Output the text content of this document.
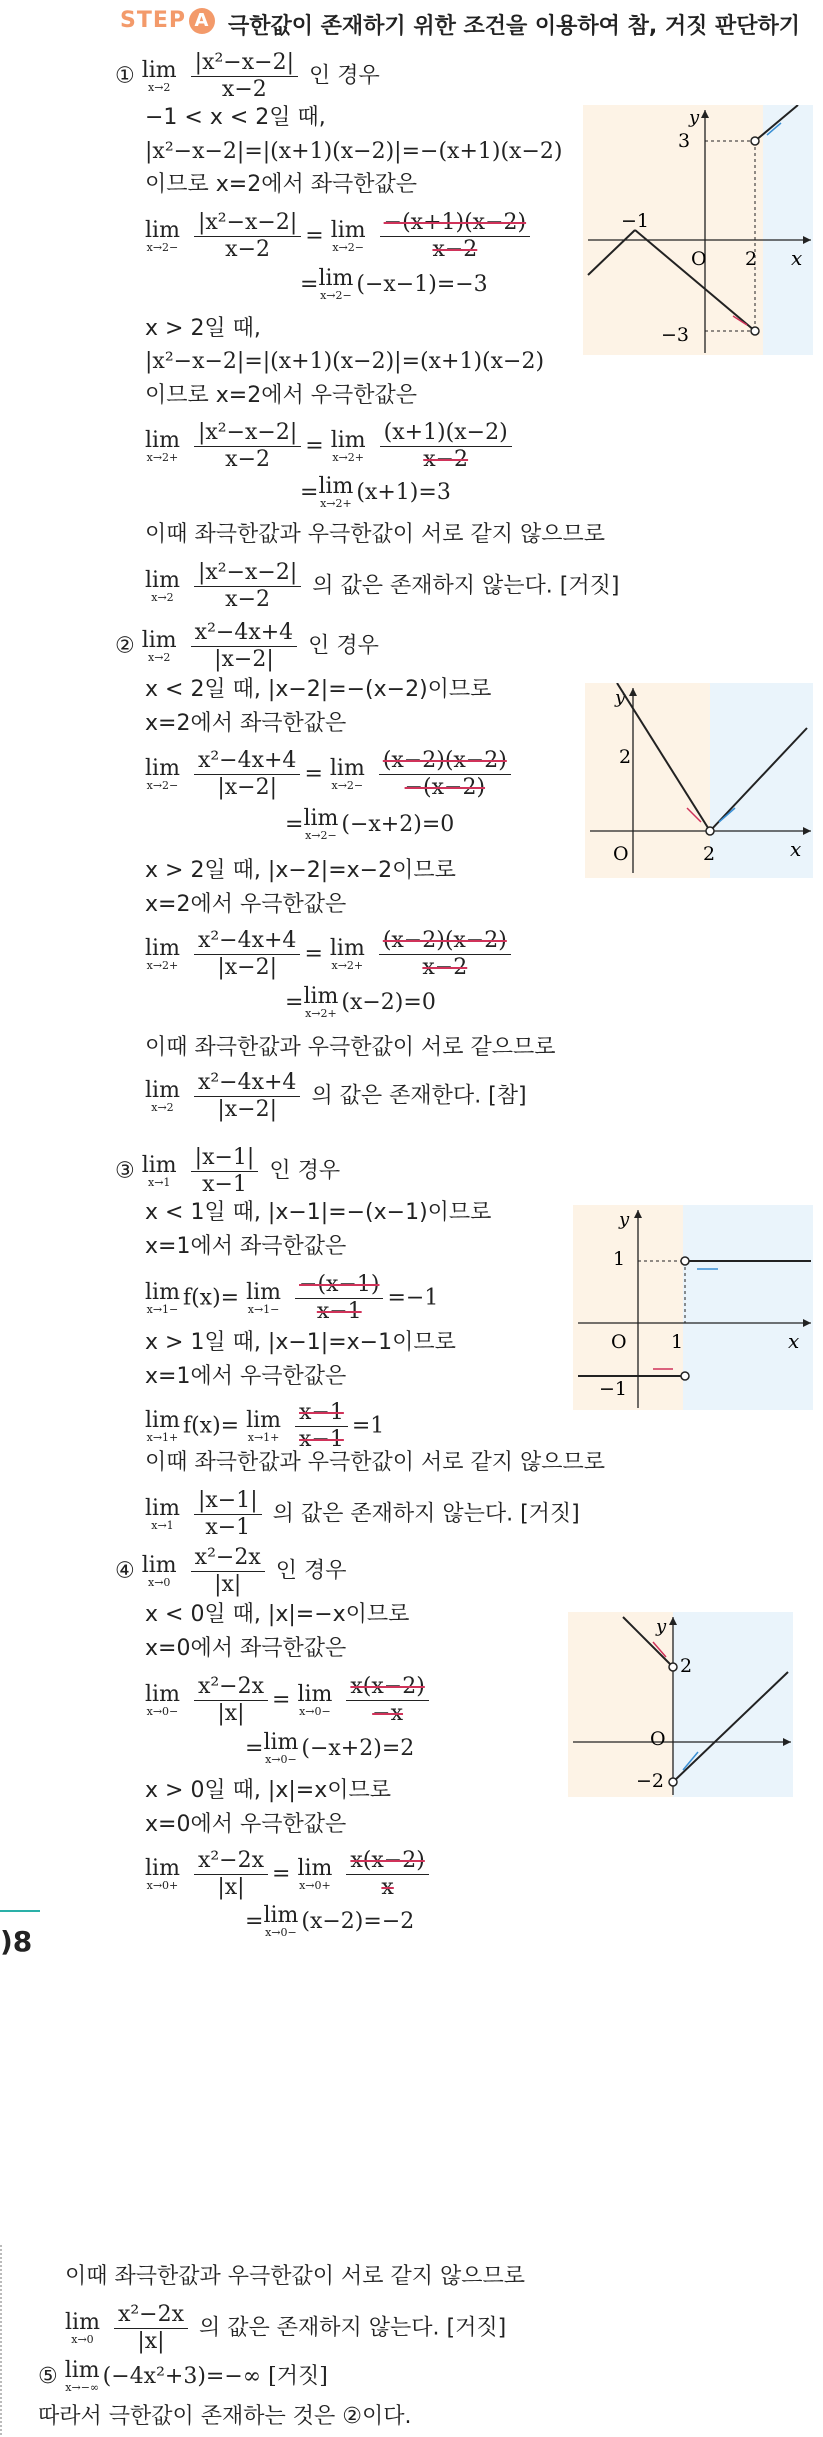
STEP A 극한값이 존재하기 위한 조건을 이용하여 참, 거짓 판단하기
① lim
x→2
$\frac{\text{|x²−x−2|}}{x-2}$ 인 경우
−1 < x < 2일 때,
|x²−x−2|=|(x+1)(x−2)|=−(x+1)(x−2)
이므로 x=2에서 좌극한값은
lim
x→2−
$\frac{\text{|x²−x−2|}}{x-2} = \lim$
x→2−
$\frac{-(x+1)(x-2)}{x-2}$
= lim
x→2− (−x−1)=−3
x > 2일 때,
|x²−x−2|=|(x+1)(x−2)|=(x+1)(x−2)
이므로 x=2에서 우극한값은
lim
x→2+
$\frac{\text{|x²−x−2|}}{x-2} = \lim$
x→2+
$\frac{(x+1)(x-2)}{x-2}$
= lim
x→2+ (x+1)=3
이때 좌극한값과 우극한값이 서로 같지 않으므로
lim
x→2
$\frac{\text{|x²−x−2|}}{x-2}$ 의 값은 존재하지 않는다. [거짓]
y
x
3
−3
−1
O 2
② lim
x→2
$\frac{\text{x²−4x+4}}{|x-2|}$ 인 경우
x < 2일 때, |x−2|=−(x−2)이므로
x=2에서 좌극한값은
lim
x→2−
$\frac{\text{x²−4x+4}}{|x-2|} = \lim$
x→2−
$\frac{(x-2)(x-2)}{-(x-2)}$
= lim
x→2− (−x+2)=0
x > 2일 때, |x−2|=x−2이므로
x=2에서 우극한값은
lim
x→2+
$\frac{\text{x²−4x+4}}{|x-2|} = \lim$
x→2+
$\frac{(x-2)(x-2)}{x-2}$
= lim
x→2+ (x−2)=0
이때 좌극한값과 우극한값이 서로 같으므로
lim
x→2
$\frac{\text{x²−4x+4}}{|x-2|}$ 의 값은 존재한다. [참]
y
x
2
O	2
③ lim
x→1
$\frac{|x-1|}{x-1}$ 인 경우
x < 1일 때, |x−1|=−(x−1)이므로
x=1에서 좌극한값은
lim
x→1− f(x)= lim
x→1−
$\frac{-(x-1)}{x-1} =-1$
x > 1일 때, |x−1|=x−1이므로
x=1에서 우극한값은
lim
x→1+ f(x)= lim
x→1+
$\frac{x-1}{x-1} =1$
이때 좌극한값과 우극한값이 서로 같지 않으므로
lim
x→1
$\frac{|x-1|}{x-1}$ 의 값은 존재하지 않는다. [거짓]
y
x
1
−1
O 1
④ lim
x→0
$\frac{\text{x²−2x}}{|x|}$ 인 경우
x < 0일 때, |x|=−x이므로
x=0에서 좌극한값은
lim
x→0−
$\frac{\text{x²−2x}}{|x|} = \lim$
x→0−
$\frac{x(x-2)}{-x}$
= lim
x→0− (−x+2)=2
x > 0일 때, |x|=x이므로
x=0에서 우극한값은
lim
x→0+
$\frac{\text{x²−2x}}{|x|} = \lim$
x→0+
$\frac{x(x-2)}{x}$
= lim
x→0− (x−2)=−2
y
2
−2
O
)8
이때 좌극한값과 우극한값이 서로 같지 않으므로
lim
x→0
$\frac{\text{x²−2x}}{|x|}$ 의 값은 존재하지 않는다. [거짓]
⑤ lim
x→−∞ (−4x²+3)=−∞ [거짓]
따라서 극한값이 존재하는 것은 ②이다.
